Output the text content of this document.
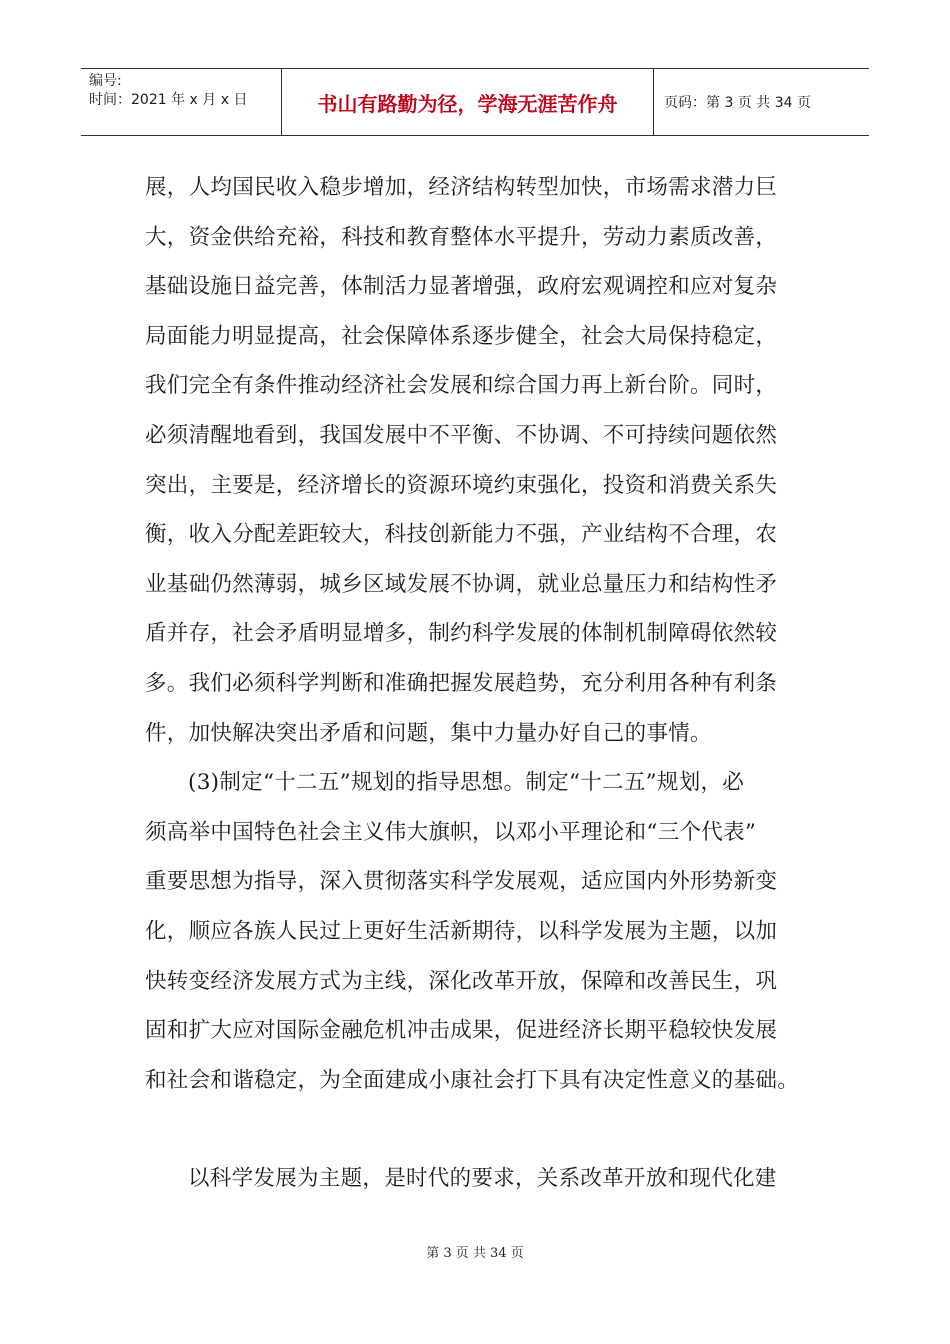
编号:
时间：2021 年 x 月 x 日	书山有路勤为径，学海无涯苦作舟	页码：第 3 页 共 34 页
展，人均国民收入稳步增加，经济结构转型加快，市场需求潜力巨
大，资金供给充裕，科技和教育整体水平提升，劳动力素质改善，
基础设施日益完善，体制活力显著增强，政府宏观调控和应对复杂
局面能力明显提高，社会保障体系逐步健全，社会大局保持稳定，
我们完全有条件推动经济社会发展和综合国力再上新台阶。同时，
必须清醒地看到，我国发展中不平衡、不协调、不可持续问题依然
突出，主要是，经济增长的资源环境约束强化，投资和消费关系失
衡，收入分配差距较大，科技创新能力不强，产业结构不合理，农
业基础仍然薄弱，城乡区域发展不协调，就业总量压力和结构性矛
盾并存，社会矛盾明显增多，制约科学发展的体制机制障碍依然较
多。我们必须科学判断和准确把握发展趋势，充分利用各种有利条
件，加快解决突出矛盾和问题，集中力量办好自己的事情。
(3)制定“十二五”规划的指导思想。制定“十二五”规划，必
须高举中国特色社会主义伟大旗帜，以邓小平理论和“三个代表”
重要思想为指导，深入贯彻落实科学发展观，适应国内外形势新变
化，顺应各族人民过上更好生活新期待，以科学发展为主题，以加
快转变经济发展方式为主线，深化改革开放，保障和改善民生，巩
固和扩大应对国际金融危机冲击成果，促进经济长期平稳较快发展
和社会和谐稳定，为全面建成小康社会打下具有决定性意义的基础。
以科学发展为主题，是时代的要求，关系改革开放和现代化建
第 3 页 共 34 页
